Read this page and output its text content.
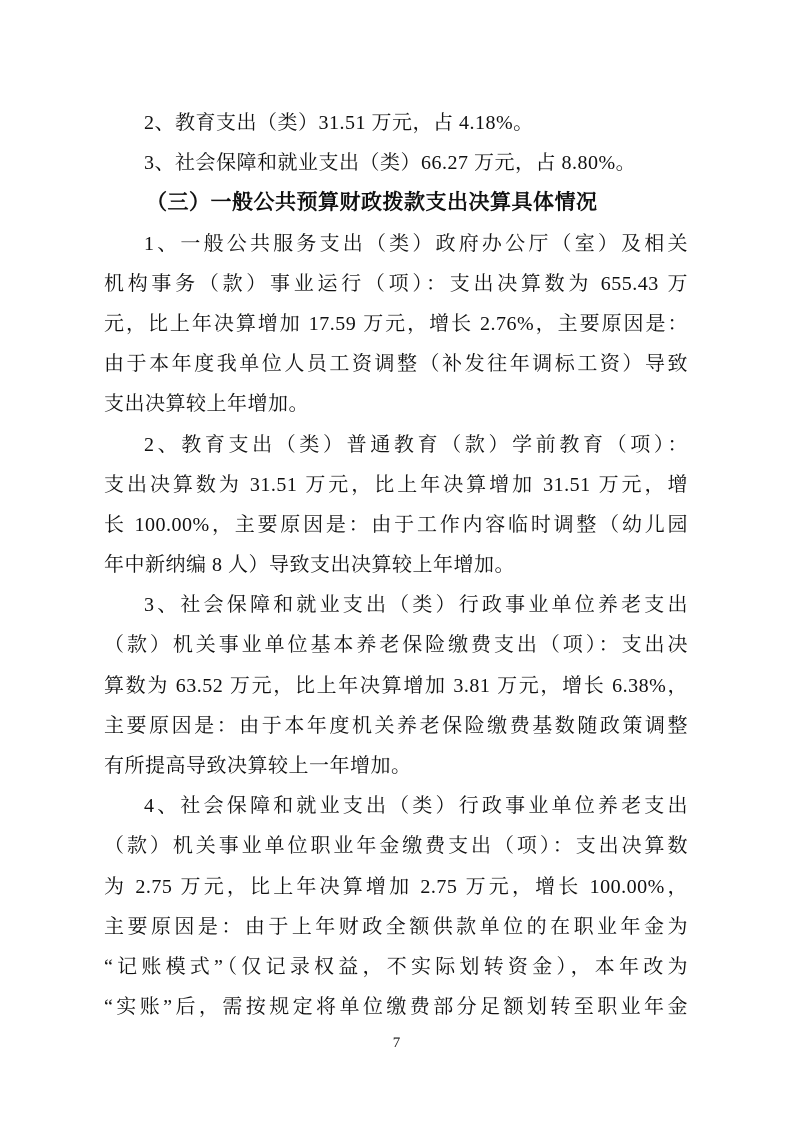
2、教育支出（类）31.51 万元，占 4.18%。
3、社会保障和就业支出（类）66.27 万元，占 8.80%。
（三）一般公共预算财政拨款支出决算具体情况
1、一般公共服务支出（类）政府办公厅（室）及相关
机构事务（款）事业运行（项）：支出决算数为 655.43 万
元，比上年决算增加 17.59 万元，增长 2.76%，主要原因是：
由于本年度我单位人员工资调整（补发往年调标工资）导致
支出决算较上年增加。
2、教育支出（类）普通教育（款）学前教育（项）：
支出决算数为 31.51 万元，比上年决算增加 31.51 万元，增
长 100.00%，主要原因是：由于工作内容临时调整（幼儿园
年中新纳编 8 人）导致支出决算较上年增加。
3、社会保障和就业支出（类）行政事业单位养老支出
（款）机关事业单位基本养老保险缴费支出（项）：支出决
算数为 63.52 万元，比上年决算增加 3.81 万元，增长 6.38%，
主要原因是：由于本年度机关养老保险缴费基数随政策调整
有所提高导致决算较上一年增加。
4、社会保障和就业支出（类）行政事业单位养老支出
（款）机关事业单位职业年金缴费支出（项）：支出决算数
为 2.75 万元，比上年决算增加 2.75 万元，增长 100.00%，
主要原因是：由于上年财政全额供款单位的在职业年金为
“记账模式”（仅记录权益，不实际划转资金），本年改为
“实账”后，需按规定将单位缴费部分足额划转至职业年金
7
